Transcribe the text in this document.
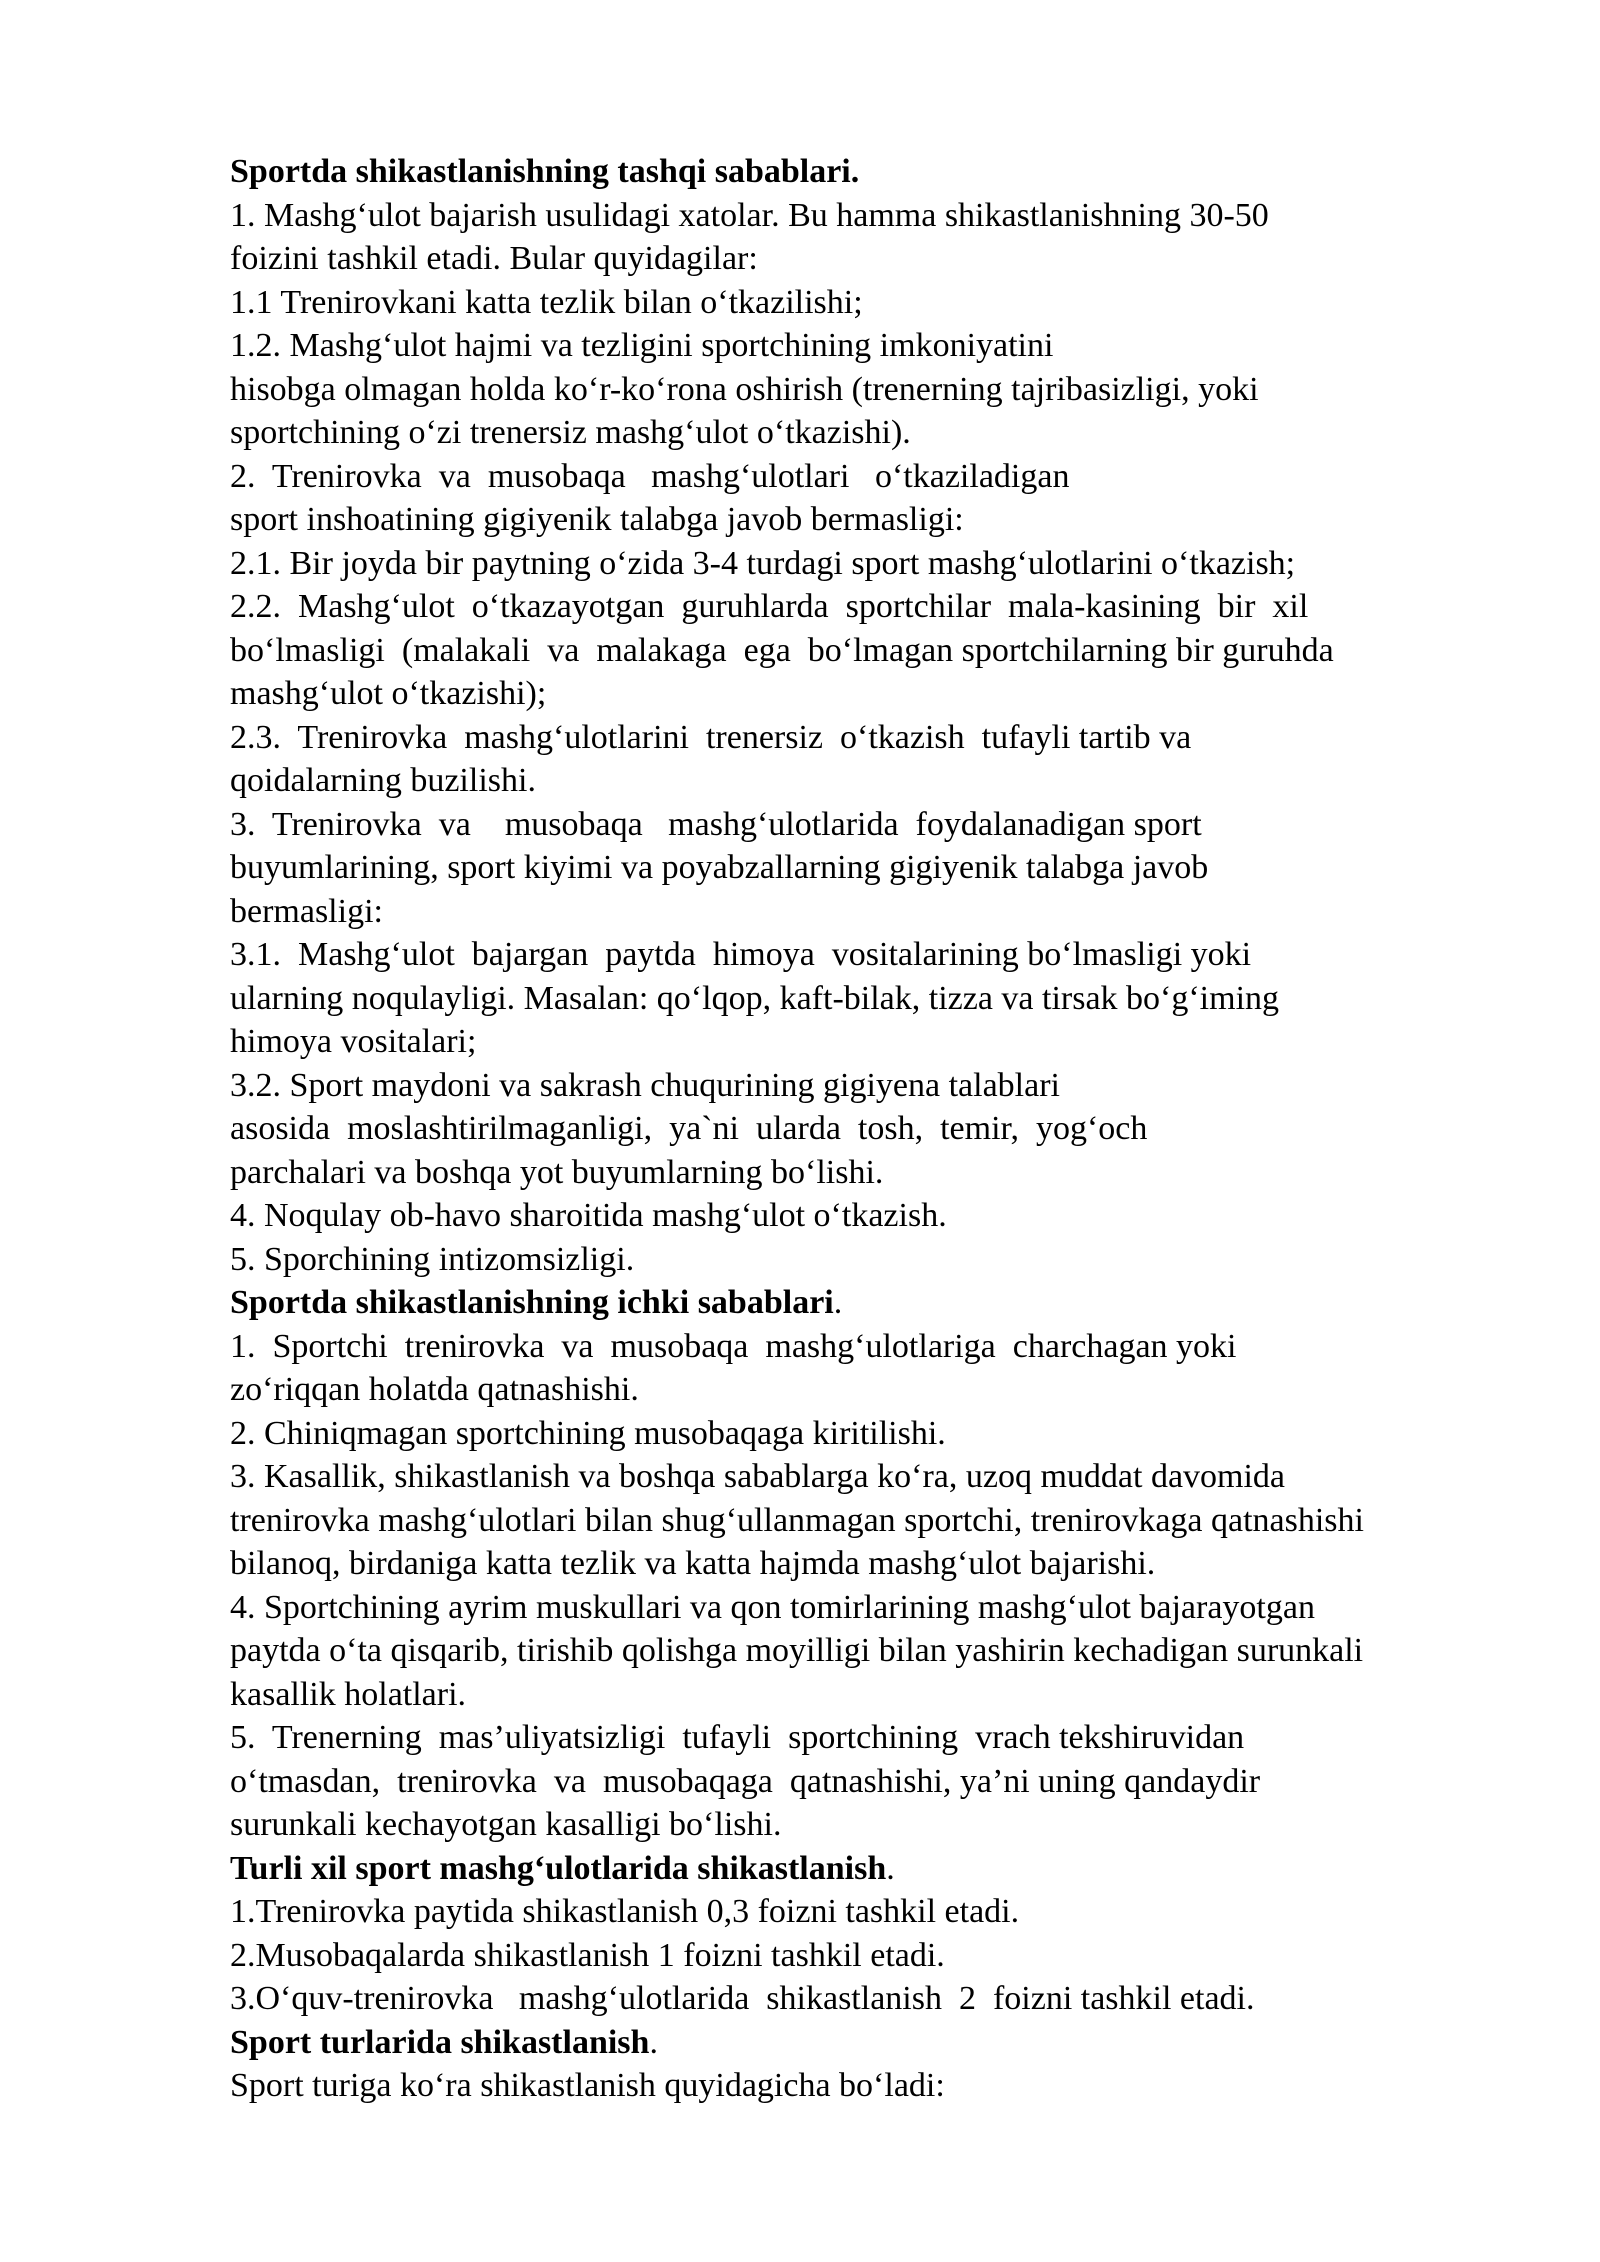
Sportda shikastlanishning tashqi sabablari.
1. Mashg‘ulot bajarish usulidagi xatolar. Bu hamma shikastlanishning 30-50
foizini tashkil etadi. Bular quyidagilar:
1.1 Trenirovkani katta tezlik bilan o‘tkazilishi;
1.2. Mashg‘ulot hajmi va tezligini sportchining imkoniyatini
hisobga olmagan holda ko‘r-ko‘rona oshirish (trenerning tajribasizligi, yoki
sportchining o‘zi trenersiz mashg‘ulot o‘tkazishi).
2.  Trenirovka  va  musobaqa   mashg‘ulotlari   o‘tkaziladigan
sport inshoatining gigiyenik talabga javob bermasligi:
2.1. Bir joyda bir paytning o‘zida 3-4 turdagi sport mashg‘ulotlarini o‘tkazish;
2.2.  Mashg‘ulot  o‘tkazayotgan  guruhlarda  sportchilar  mala-kasining  bir  xil
bo‘lmasligi  (malakali  va  malakaga  ega  bo‘lmagan sportchilarning bir guruhda
mashg‘ulot o‘tkazishi);
2.3.  Trenirovka  mashg‘ulotlarini  trenersiz  o‘tkazish  tufayli tartib va
qoidalarning buzilishi.
3.  Trenirovka  va    musobaqa   mashg‘ulotlarida  foydalanadigan sport
buyumlarining, sport kiyimi va poyabzallarning gigiyenik talabga javob
bermasligi:
3.1.  Mashg‘ulot  bajargan  paytda  himoya  vositalarining bo‘lmasligi yoki
ularning noqulayligi. Masalan: qo‘lqop, kaft-bilak, tizza va tirsak bo‘g‘iming
himoya vositalari;
3.2. Sport maydoni va sakrash chuqurining gigiyena talablari
asosida  moslashtirilmaganligi,  ya`ni  ularda  tosh,  temir,  yog‘och
parchalari va boshqa yot buyumlarning bo‘lishi.
4. Noqulay ob-havo sharoitida mashg‘ulot o‘tkazish.
5. Sporchining intizomsizligi.
Sportda shikastlanishning ichki sabablari.
1.  Sportchi  trenirovka  va  musobaqa  mashg‘ulotlariga  charchagan yoki
zo‘riqqan holatda qatnashishi.
2. Chiniqmagan sportchining musobaqaga kiritilishi.
3. Kasallik, shikastlanish va boshqa sabablarga ko‘ra, uzoq muddat davomida
trenirovka mashg‘ulotlari bilan shug‘ullanmagan sportchi, trenirovkaga qatnashishi
bilanoq, birdaniga katta tezlik va katta hajmda mashg‘ulot bajarishi.
4. Sportchining ayrim muskullari va qon tomirlarining mashg‘ulot bajarayotgan
paytda o‘ta qisqarib, tirishib qolishga moyilligi bilan yashirin kechadigan surunkali
kasallik holatlari.
5.  Trenerning  mas’uliyatsizligi  tufayli  sportchining  vrach tekshiruvidan
o‘tmasdan,  trenirovka  va  musobaqaga  qatnashishi, ya’ni uning qandaydir
surunkali kechayotgan kasalligi bo‘lishi.
Turli xil sport mashg‘ulotlarida shikastlanish.
1.Trenirovka paytida shikastlanish 0,3 foizni tashkil etadi.
2.Musobaqalarda shikastlanish 1 foizni tashkil etadi.
3.O‘quv-trenirovka   mashg‘ulotlarida  shikastlanish  2  foizni tashkil etadi.
Sport turlarida shikastlanish.
Sport turiga ko‘ra shikastlanish quyidagicha bo‘ladi:
